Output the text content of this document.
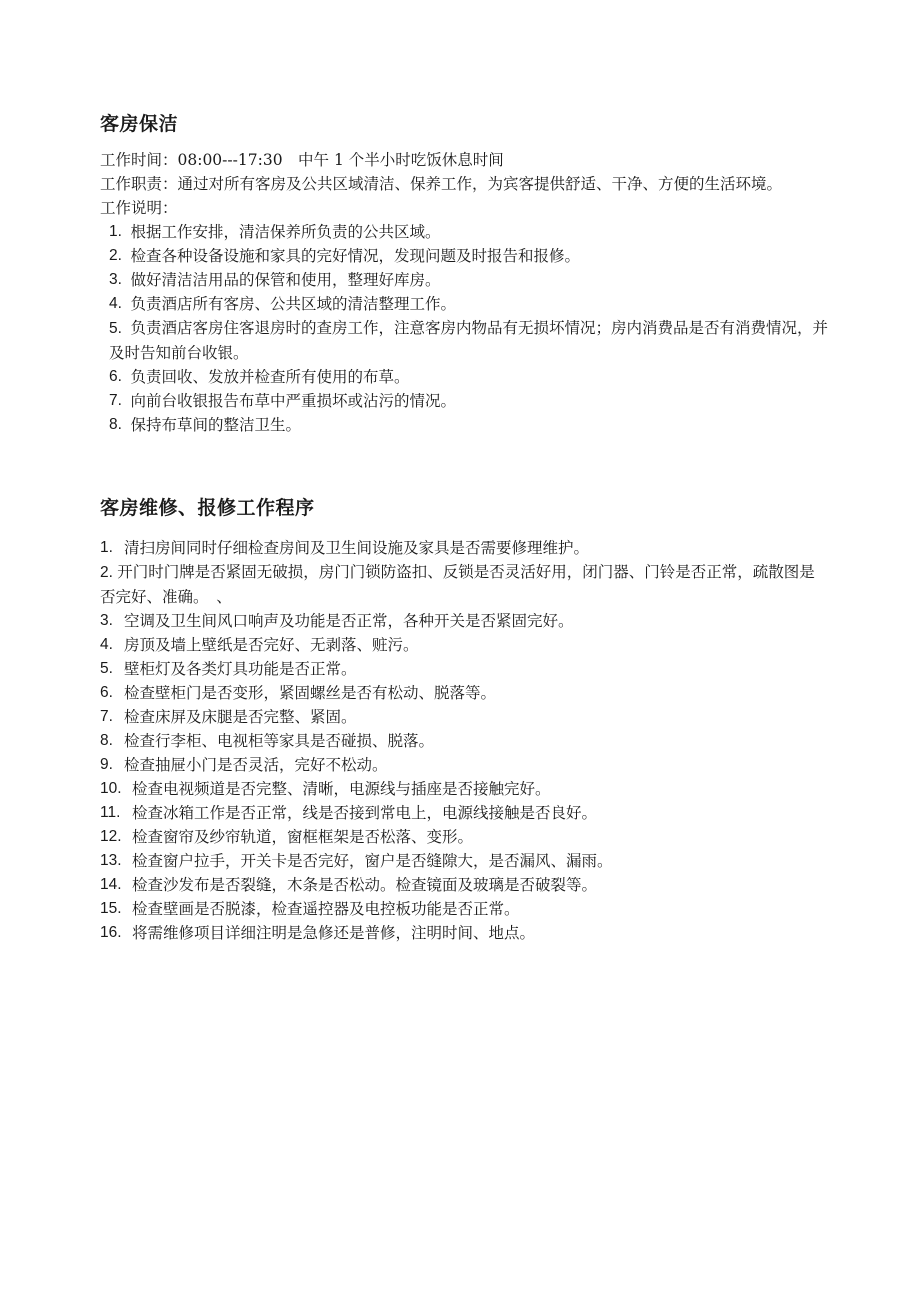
客房保洁

工作时间：08:00---17:30　中午 1 个半小时吃饭休息时间

工作职责：通过对所有客房及公共区域清洁、保养工作，为宾客提供舒适、干净、方便的生活环境。

工作说明：

1. 根据工作安排，清洁保养所负责的公共区域。
2. 检查各种设备设施和家具的完好情况，发现问题及时报告和报修。
3. 做好清洁洁用品的保管和使用，整理好库房。
4. 负责酒店所有客房、公共区域的清洁整理工作。
5.  负责酒店客房住客退房时的查房工作，注意客房内物品有无损坏情况；房内消费品是否有消费情况，并及时告知前台收银。
6. 负责回收、发放并检查所有使用的布草。
7. 向前台收银报告布草中严重损坏或沾污的情况。
8. 保持布草间的整洁卫生。
客房维修、报修工作程序
1. 清扫房间同时仔细检查房间及卫生间设施及家具是否需要修理维护。
2. 开门时门牌是否紧固无破损，房门门锁防盗扣、反锁是否灵活好用，闭门器、门铃是否正常，疏散图是否完好、准确。　、
3. 空调及卫生间风口响声及功能是否正常，各种开关是否紧固完好。
4. 房顶及墙上壁纸是否完好、无剥落、赃污。
5. 壁柜灯及各类灯具功能是否正常。
6. 检查壁柜门是否变形，紧固螺丝是否有松动、脱落等。
7. 检查床屏及床腿是否完整、紧固。
8. 检查行李柜、电视柜等家具是否碰损、脱落。
9. 检查抽屉小门是否灵活，完好不松动。
10. 检查电视频道是否完整、清晰，电源线与插座是否接触完好。
11. 检查冰箱工作是否正常，线是否接到常电上，电源线接触是否良好。
12. 检查窗帘及纱帘轨道，窗框框架是否松落、变形。
13. 检查窗户拉手，开关卡是否完好，窗户是否缝隙大，是否漏风、漏雨。
14. 检查沙发布是否裂缝，木条是否松动。检查镜面及玻璃是否破裂等。
15. 检查壁画是否脱漆，检查遥控器及电控板功能是否正常。
16. 将需维修项目详细注明是急修还是普修，注明时间、地点。
